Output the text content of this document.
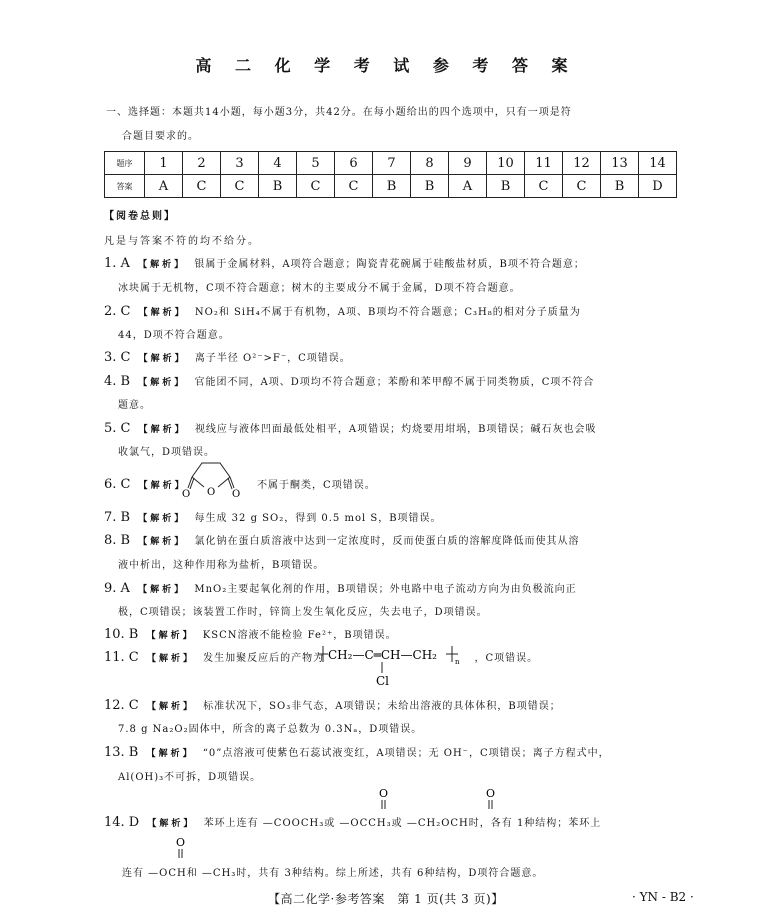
高 二 化 学 考 试 参 考 答 案
一、选择题：本题共14小题，每小题3分，共42分。在每小题给出的四个选项中，只有一项是符
合题目要求的。
题序	1	2	3	4	5	6	7	8	9	10	11	12	13	14
答案	A	C	C	B	C	C	B	B	A	B	C	C	B	D
【阅卷总则】
凡是与答案不符的均不给分。
1. A 【解析】 银属于金属材料，A项符合题意；陶瓷青花碗属于硅酸盐材质，B项不符合题意；
冰块属于无机物，C项不符合题意；树木的主要成分不属于金属，D项不符合题意。
2. C 【解析】 NO₂和 SiH₄不属于有机物，A项、B项均不符合题意；C₃H₈的相对分子质量为
44，D项不符合题意。
3. C 【解析】 离子半径 O²⁻>F⁻，C项错误。
4. B 【解析】 官能团不同，A项、D项均不符合题意；苯酚和苯甲醇不属于同类物质，C项不符合
题意。
5. C 【解析】 视线应与液体凹面最低处相平，A项错误；灼烧要用坩埚，B项错误；碱石灰也会吸
收氯气，D项错误。
6. C 【解析】	不属于酮类，C项错误。
O O O
7. B 【解析】 每生成 32 g SO₂，得到 0.5 mol S，B项错误。
8. B 【解析】 氯化钠在蛋白质溶液中达到一定浓度时，反而使蛋白质的溶解度降低而使其从溶
液中析出，这种作用称为盐析，B项错误。
9. A 【解析】 MnO₂主要起氧化剂的作用，B项错误；外电路中电子流动方向为由负极流向正
极，C项错误；该装置工作时，锌筒上发生氧化反应，失去电子，D项错误。
10. B 【解析】 KSCN溶液不能检验 Fe²⁺，B项错误。
11. C 【解析】 发生加聚反应后的产物为	，C项错误。
CH₂—C═CH—CH₂	n
Cl
12. C 【解析】 标准状况下，SO₃非气态，A项错误；未给出溶液的具体体积，B项错误；
7.8 g Na₂O₂固体中，所含的离子总数为 0.3Nₐ，D项错误。
13. B 【解析】 “0”点溶液可使紫色石蕊试液变红，A项错误；无 OH⁻，C项错误；离子方程式中，
Al(OH)₃不可拆，D项错误。
O	O
14. D 【解析】 苯环上连有 —COOCH₃或 —OCCH₃或 —CH₂OCH时，各有 1种结构；苯环上
O
连有 —OCH和 —CH₃时，共有 3种结构。综上所述，共有 6种结构，D项符合题意。
【高二化学·参考答案　第 1 页(共 3 页)】	· YN - B2 ·
